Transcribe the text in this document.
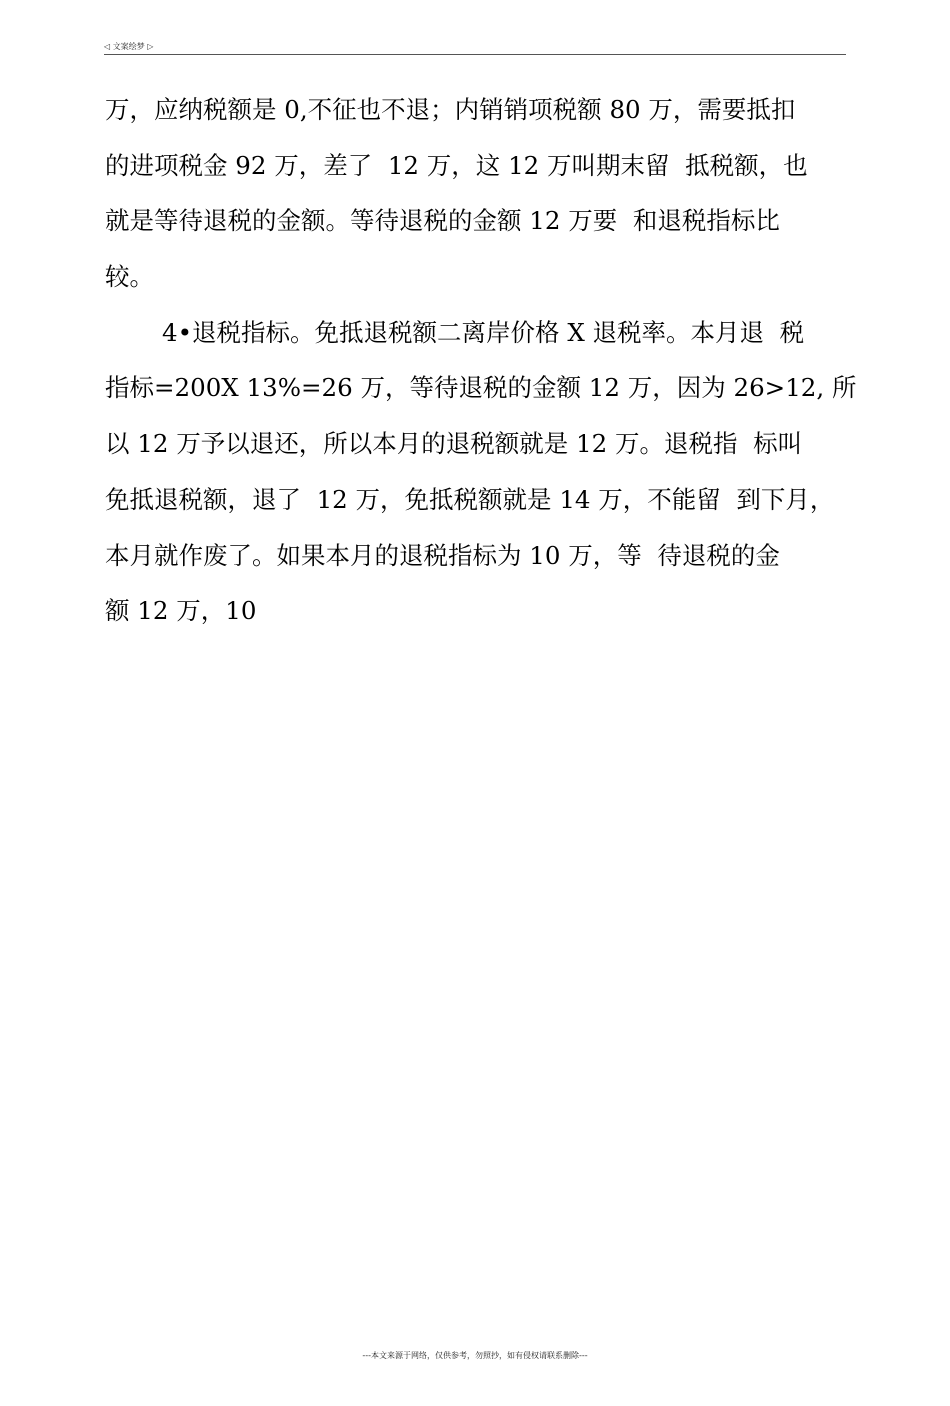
◁ 文案绘梦 ▷
万，应纳税额是 0,不征也不退；内销销项税额 80 万，需要抵扣
的进项税金 92 万，差了  12 万，这 12 万叫期末留  抵税额，也
就是等待退税的金额。等待退税的金额 12 万要  和退税指标比
较。
4•退税指标。免抵退税额二离岸价格 X 退税率。本月退  税
指标=200X 13%=26 万，等待退税的金额 12 万，因为 26>12, 所
以 12 万予以退还，所以本月的退税额就是 12 万。退税指  标叫
免抵退税额，退了  12 万，免抵税额就是 14 万，不能留  到下月，
本月就作废了。如果本月的退税指标为 10 万，等  待退税的金
额 12 万，10
---本文来源于网络，仅供参考，勿照抄，如有侵权请联系删除---
